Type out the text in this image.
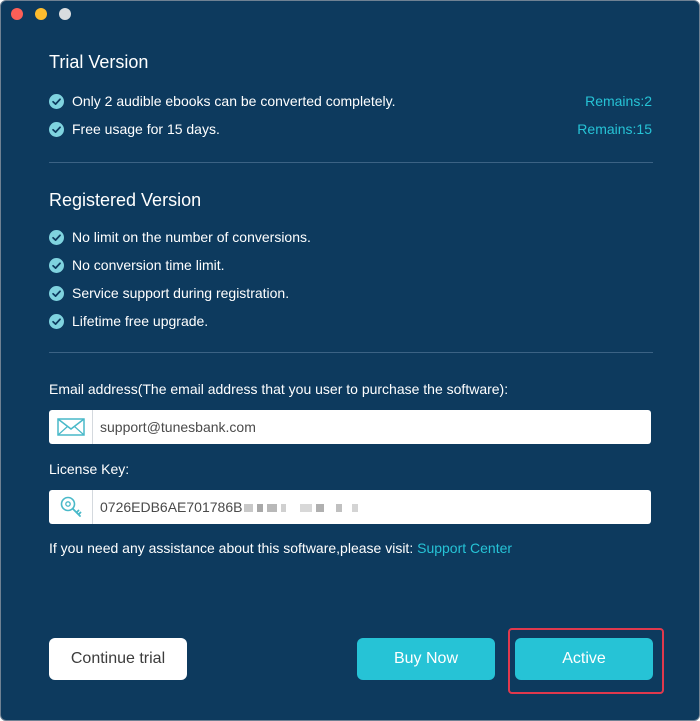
Trial Version
Only 2 audible ebooks can be converted completely.	Remains:2
Free usage for 15 days.	Remains:15
Registered Version
No limit on the number of conversions.
No conversion time limit.
Service support during registration.
Lifetime free upgrade.
Email address(The email address that you user to purchase the software):
support@tunesbank.com
License Key:
0726EDB6AE701786B
If you need any assistance about this software,please visit: Support Center
Continue trial	Buy Now	Active
